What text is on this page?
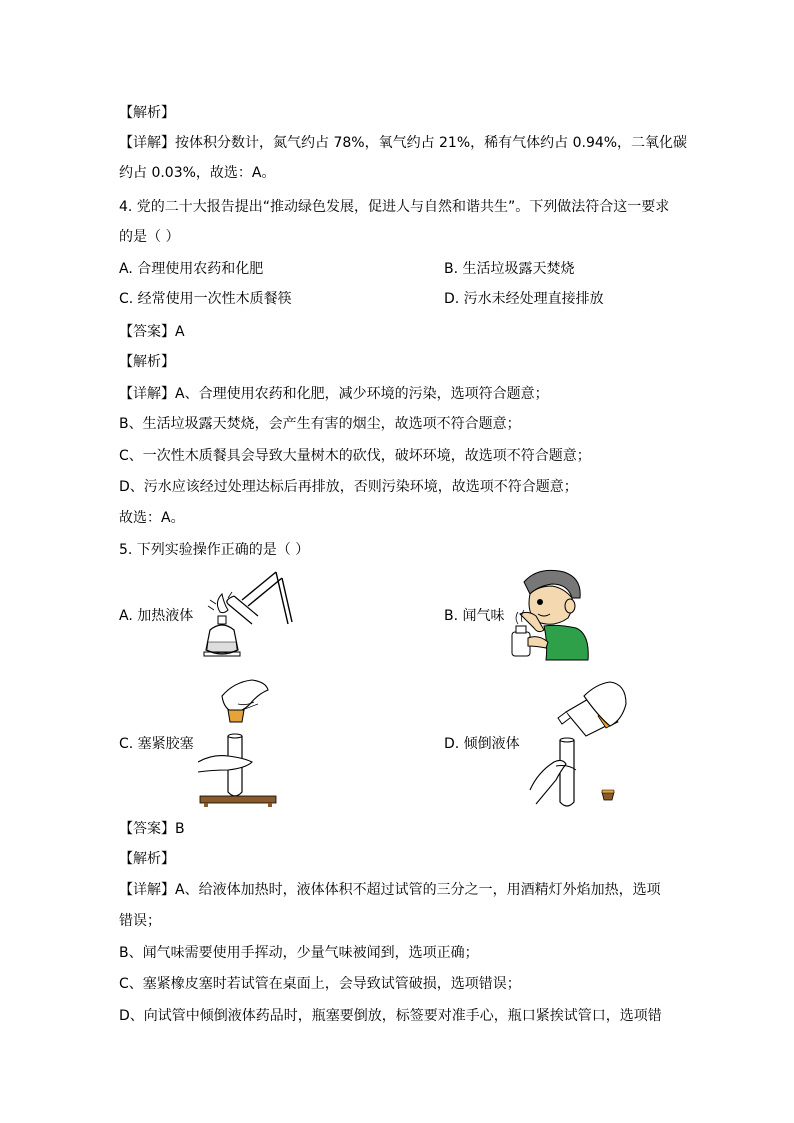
【解析】
【详解】按体积分数计，氮气约占 78%，氧气约占 21%，稀有气体约占 0.94%，二氧化碳
约占 0.03%，故选：A。
4. 党的二十大报告提出“推动绿色发展，促进人与自然和谐共生”。下列做法符合这一要求
的是（ ）
A. 合理使用农药和化肥	B. 生活垃圾露天焚烧
C. 经常使用一次性木质餐筷	D. 污水未经处理直接排放
【答案】A
【解析】
【详解】A、合理使用农药和化肥，减少环境的污染，选项符合题意；
B、生活垃圾露天焚烧，会产生有害的烟尘，故选项不符合题意；
C、一次性木质餐具会导致大量树木的砍伐，破坏环境，故选项不符合题意；
D、污水应该经过处理达标后再排放，否则污染环境，故选项不符合题意；
故选：A。
5. 下列实验操作正确的是（ ）
A. 加热液体	B. 闻气味
C. 塞紧胶塞	D. 倾倒液体
【答案】B
【解析】
【详解】A、给液体加热时，液体体积不超过试管的三分之一，用酒精灯外焰加热，选项
错误；
B、闻气味需要使用手挥动，少量气味被闻到，选项正确；
C、塞紧橡皮塞时若试管在桌面上，会导致试管破损，选项错误；
D、向试管中倾倒液体药品时，瓶塞要倒放，标签要对准手心，瓶口紧挨试管口，选项错
